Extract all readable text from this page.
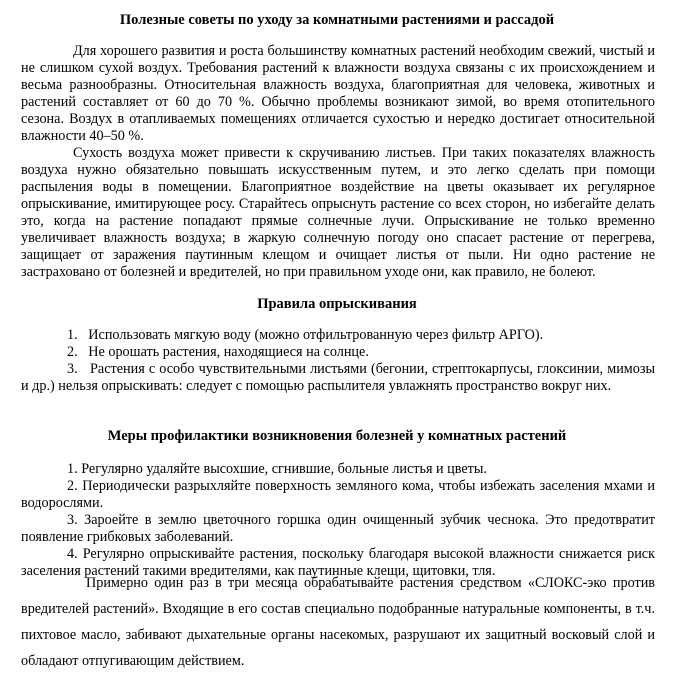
Полезные советы по уходу за комнатными растениями и рассадой

Для хорошего развития и роста большинству комнатных растений необходим свежий, чистый и не слишком сухой воздух. Требования растений к влажности воздуха связаны с их происхождением и весьма разнообразны. Относительная влажность воздуха, благоприятная для человека, животных и растений составляет от 60 до 70 %. Обычно проблемы возникают зимой, во время отопительного сезона. Воздух в отапливаемых помещениях отличается сухостью и нередко достигает относительной влажности 40–50 %.

Сухость воздуха может привести к скручиванию листьев. При таких показателях влажность воздуха нужно обязательно повышать искусственным путем, и это легко сделать при помощи распыления воды в помещении. Благоприятное воздействие на цветы оказывает их регулярное опрыскивание, имитирующее росу. Старайтесь опрыснуть растение со всех сторон, но избегайте делать это, когда на растение попадают прямые солнечные лучи. Опрыскивание не только временно увеличивает влажность воздуха; в жаркую солнечную погоду оно спасает растение от перегрева, защищает от заражения паутинным клещом и очищает листья от пыли. Ни одно растение не застраховано от болезней и вредителей, но при правильном уходе они, как правило, не болеют.

Правила опрыскивания

1. Использовать мягкую воду (можно отфильтрованную через фильтр АРГО).

2. Не орошать растения, находящиеся на солнце.

3. Растения с особо чувствительными листьями (бегонии, стрептокарпусы, глоксинии, мимозы и др.) нельзя опрыскивать: следует с помощью распылителя увлажнять пространство вокруг них.

Меры профилактики возникновения болезней у комнатных растений

1. Регулярно удаляйте высохшие, сгнившие, больные листья и цветы.

2. Периодически разрыхляйте поверхность земляного кома, чтобы избежать заселения мхами и водорослями.

3. Зароейте в землю цветочного горшка один очищенный зубчик чеснока. Это предотвратит появление грибковых заболеваний.

4. Регулярно опрыскивайте растения, поскольку благодаря высокой влажности снижается риск заселения растений такими вредителями, как паутинные клещи, щитовки, тля.

Примерно один раз в три месяца обрабатывайте растения средством «СЛОКС-эко против вредителей растений». Входящие в его состав специально подобранные натуральные компоненты, в т.ч. пихтовое масло, забивают дыхательные органы насекомых, разрушают их защитный восковый слой и обладают отпугивающим действием.
